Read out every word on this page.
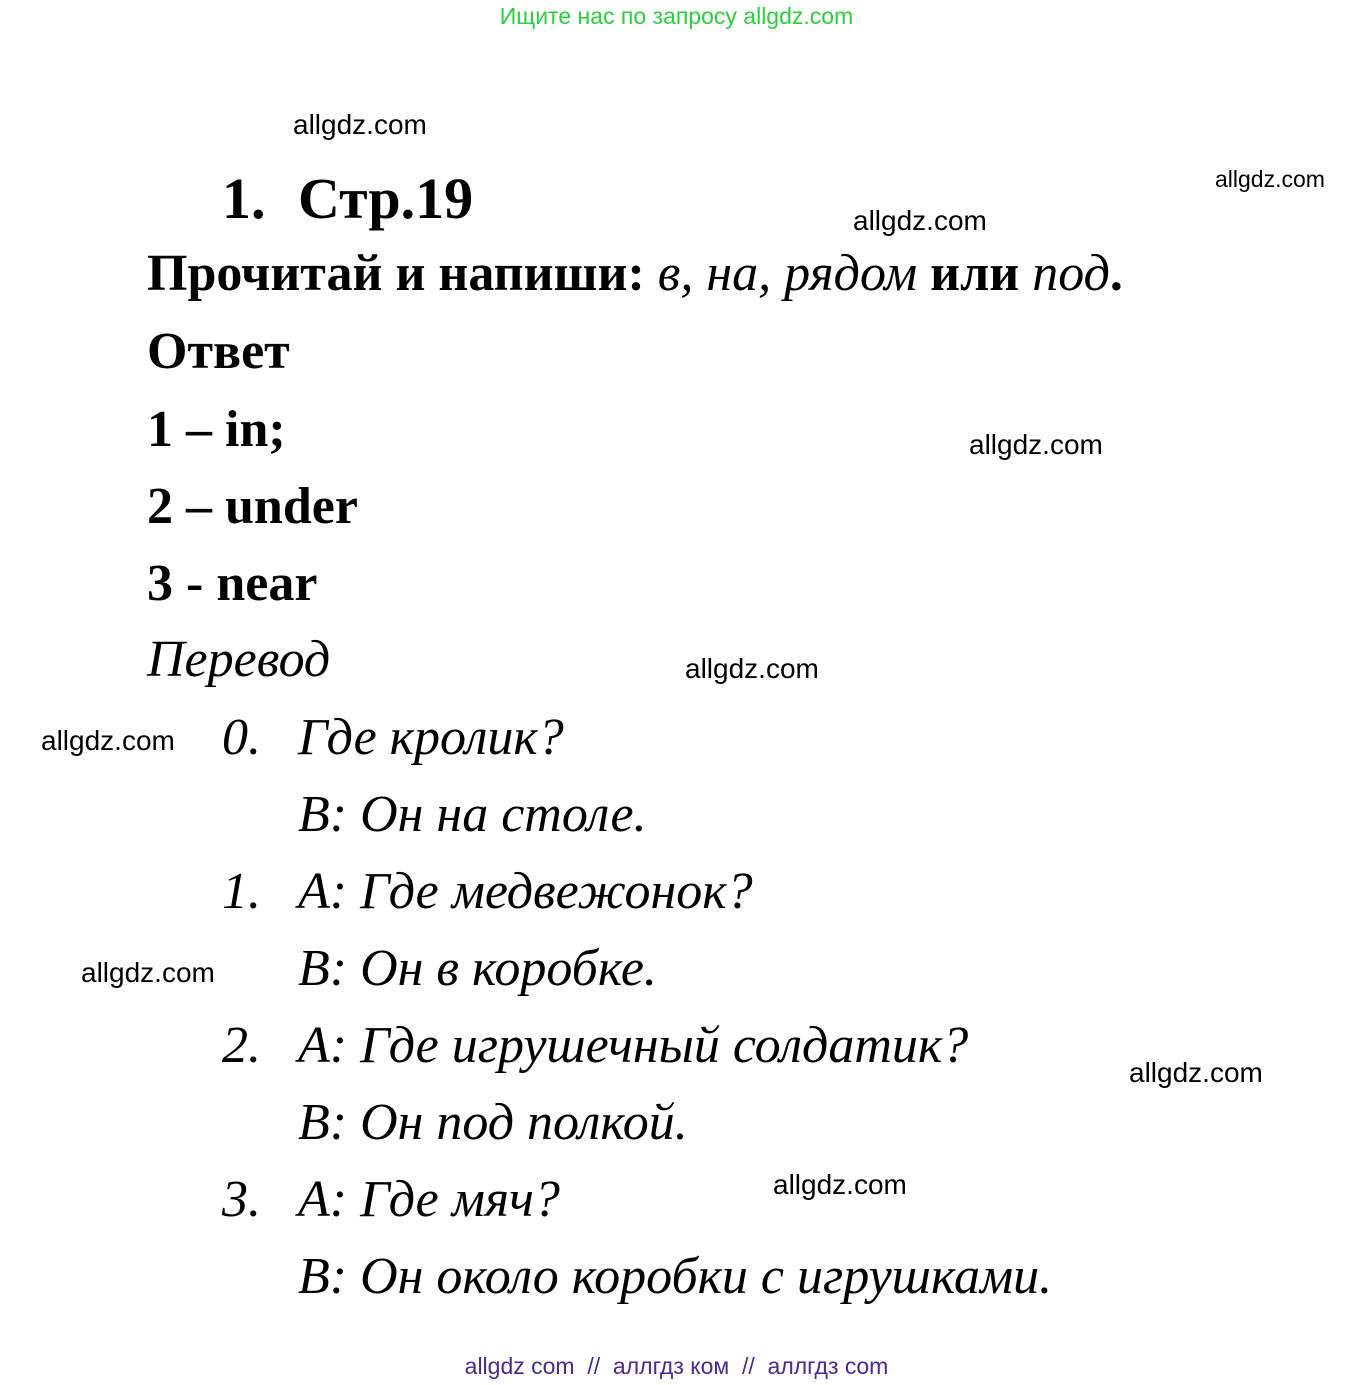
Ищите нас по запросу allgdz.com
allgdz.com
allgdz.com
allgdz.com
allgdz.com
allgdz.com
allgdz.com
allgdz.com
allgdz.com
allgdz.com
1. Стр.19
Прочитай и напиши: в, на, рядом или под.
Ответ
1 – in;
2 – under
3 - near
Перевод
0. Где кролик?
В: Он на столе.
1. А: Где медвежонок?
В: Он в коробке.
2. А: Где игрушечный солдатик?
В: Он под полкой.
3. А: Где мяч?
В: Он около коробки с игрушками.
allgdz com  //  аллгдз ком  //  аллгдз com
